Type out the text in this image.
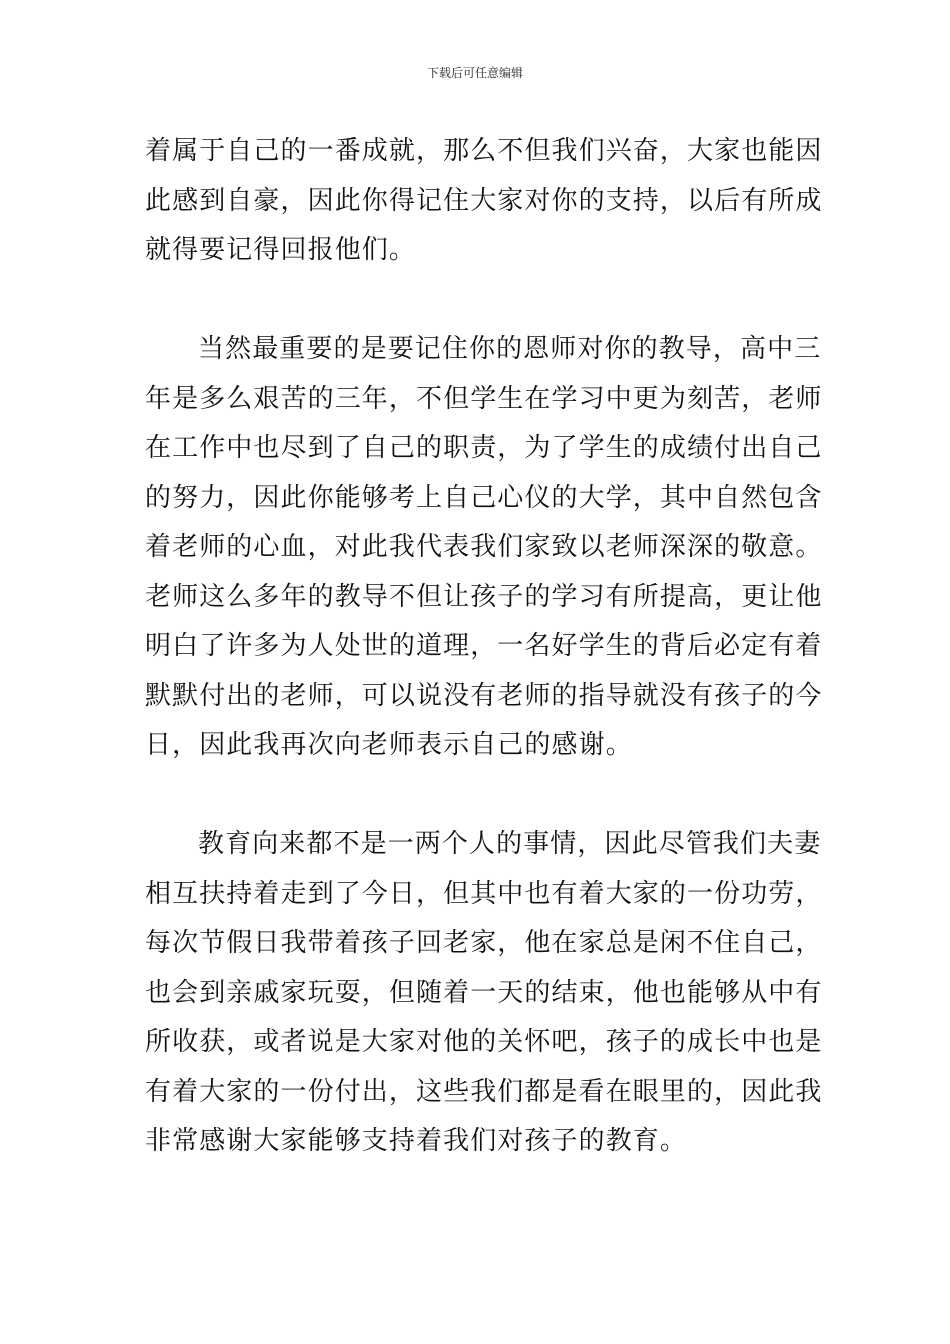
下载后可任意编辑
着属于自己的一番成就，那么不但我们兴奋，大家也能因
此感到自豪，因此你得记住大家对你的支持，以后有所成
就得要记得回报他们。
当然最重要的是要记住你的恩师对你的教导，高中三
年是多么艰苦的三年，不但学生在学习中更为刻苦，老师
在工作中也尽到了自己的职责，为了学生的成绩付出自己
的努力，因此你能够考上自己心仪的大学，其中自然包含
着老师的心血，对此我代表我们家致以老师深深的敬意。
老师这么多年的教导不但让孩子的学习有所提高，更让他
明白了许多为人处世的道理，一名好学生的背后必定有着
默默付出的老师，可以说没有老师的指导就没有孩子的今
日，因此我再次向老师表示自己的感谢。
教育向来都不是一两个人的事情，因此尽管我们夫妻
相互扶持着走到了今日，但其中也有着大家的一份功劳，
每次节假日我带着孩子回老家，他在家总是闲不住自己，
也会到亲戚家玩耍，但随着一天的结束，他也能够从中有
所收获，或者说是大家对他的关怀吧，孩子的成长中也是
有着大家的一份付出，这些我们都是看在眼里的，因此我
非常感谢大家能够支持着我们对孩子的教育。
